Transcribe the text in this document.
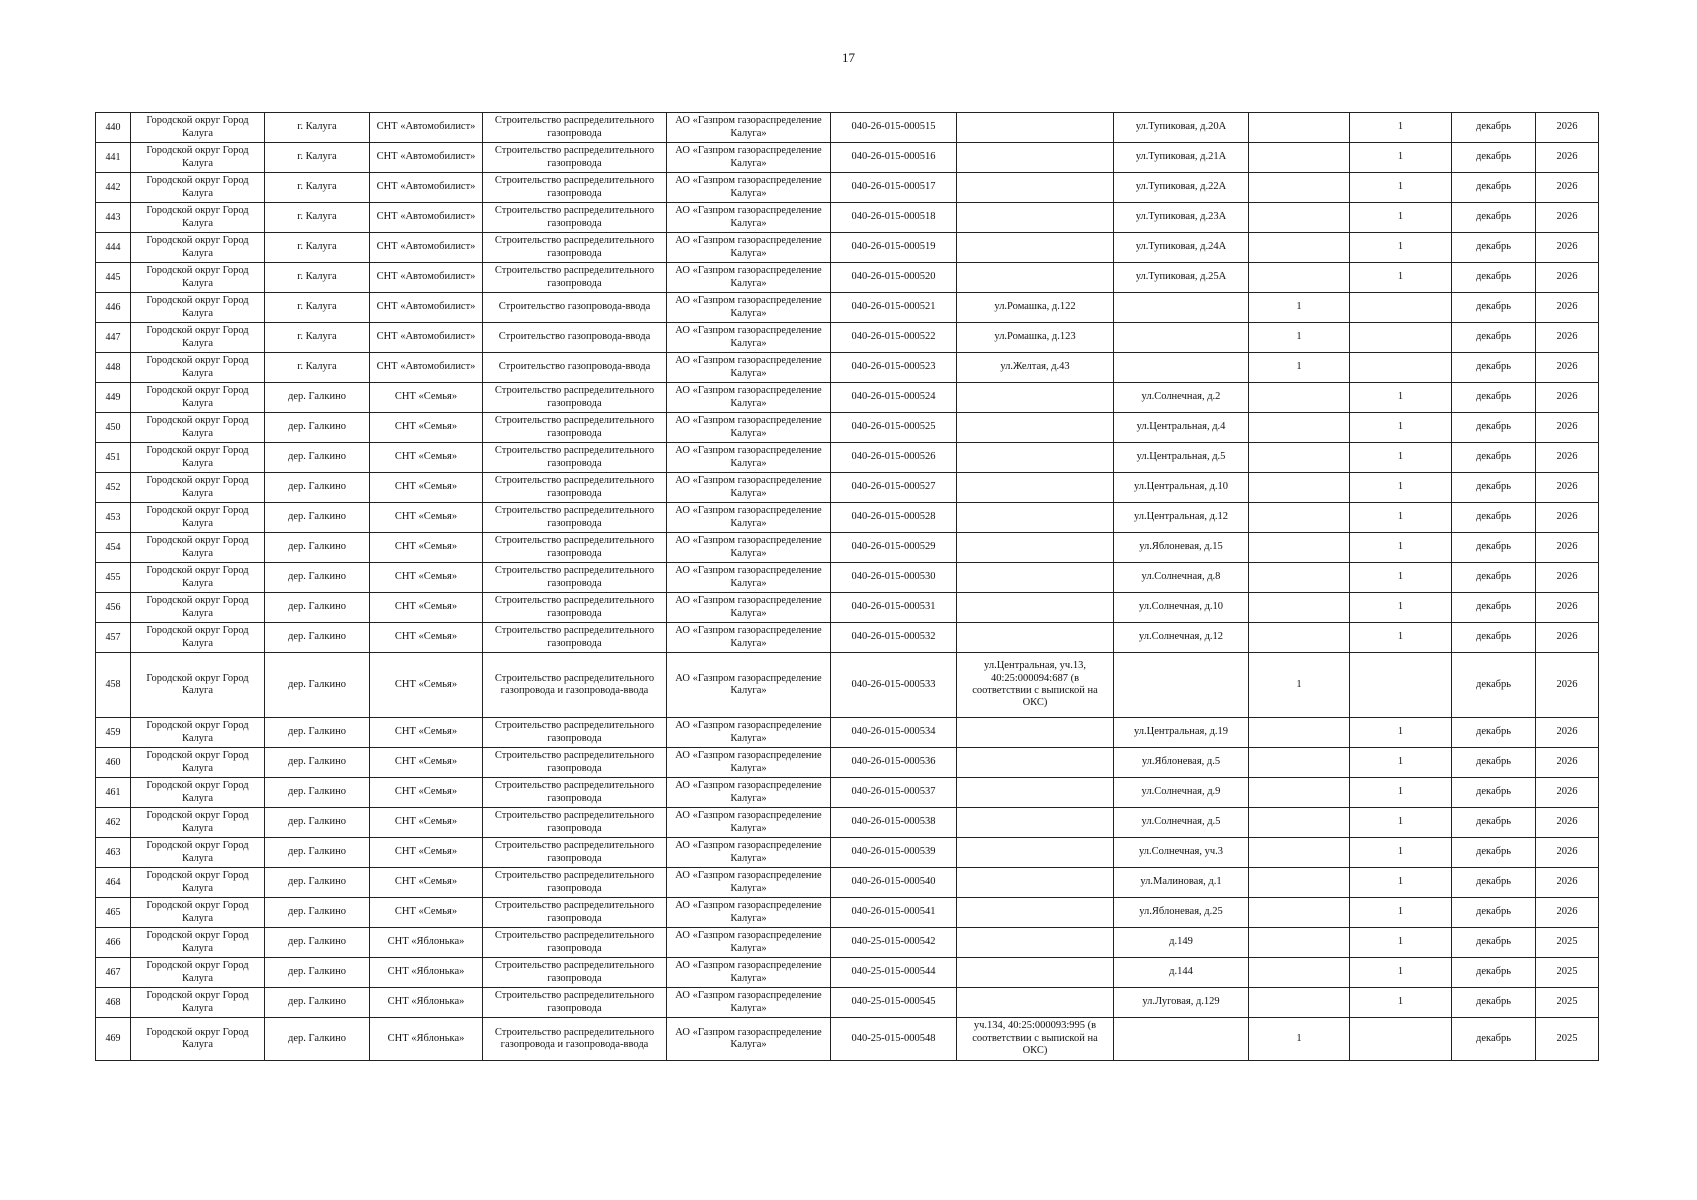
17
440	Городской округ Город Калуга	г. Калуга	СНТ «Автомобилист»	Строительство распределительного газопровода	АО «Газпром газораспределение Калуга»	040-26-015-000515		ул.Тупиковая, д.20А		1	декабрь	2026
441	Городской округ Город Калуга	г. Калуга	СНТ «Автомобилист»	Строительство распределительного газопровода	АО «Газпром газораспределение Калуга»	040-26-015-000516		ул.Тупиковая, д.21А		1	декабрь	2026
442	Городской округ Город Калуга	г. Калуга	СНТ «Автомобилист»	Строительство распределительного газопровода	АО «Газпром газораспределение Калуга»	040-26-015-000517		ул.Тупиковая, д.22А		1	декабрь	2026
443	Городской округ Город Калуга	г. Калуга	СНТ «Автомобилист»	Строительство распределительного газопровода	АО «Газпром газораспределение Калуга»	040-26-015-000518		ул.Тупиковая, д.23А		1	декабрь	2026
444	Городской округ Город Калуга	г. Калуга	СНТ «Автомобилист»	Строительство распределительного газопровода	АО «Газпром газораспределение Калуга»	040-26-015-000519		ул.Тупиковая, д.24А		1	декабрь	2026
445	Городской округ Город Калуга	г. Калуга	СНТ «Автомобилист»	Строительство распределительного газопровода	АО «Газпром газораспределение Калуга»	040-26-015-000520		ул.Тупиковая, д.25А		1	декабрь	2026
446	Городской округ Город Калуга	г. Калуга	СНТ «Автомобилист»	Строительство газопровода-ввода	АО «Газпром газораспределение Калуга»	040-26-015-000521	ул.Ромашка, д.122		1		декабрь	2026
447	Городской округ Город Калуга	г. Калуга	СНТ «Автомобилист»	Строительство газопровода-ввода	АО «Газпром газораспределение Калуга»	040-26-015-000522	ул.Ромашка, д.123		1		декабрь	2026
448	Городской округ Город Калуга	г. Калуга	СНТ «Автомобилист»	Строительство газопровода-ввода	АО «Газпром газораспределение Калуга»	040-26-015-000523	ул.Желтая, д.43		1		декабрь	2026
449	Городской округ Город Калуга	дер. Галкино	СНТ «Семья»	Строительство распределительного газопровода	АО «Газпром газораспределение Калуга»	040-26-015-000524		ул.Солнечная, д.2		1	декабрь	2026
450	Городской округ Город Калуга	дер. Галкино	СНТ «Семья»	Строительство распределительного газопровода	АО «Газпром газораспределение Калуга»	040-26-015-000525		ул.Центральная, д.4		1	декабрь	2026
451	Городской округ Город Калуга	дер. Галкино	СНТ «Семья»	Строительство распределительного газопровода	АО «Газпром газораспределение Калуга»	040-26-015-000526		ул.Центральная, д.5		1	декабрь	2026
452	Городской округ Город Калуга	дер. Галкино	СНТ «Семья»	Строительство распределительного газопровода	АО «Газпром газораспределение Калуга»	040-26-015-000527		ул.Центральная, д.10		1	декабрь	2026
453	Городской округ Город Калуга	дер. Галкино	СНТ «Семья»	Строительство распределительного газопровода	АО «Газпром газораспределение Калуга»	040-26-015-000528		ул.Центральная, д.12		1	декабрь	2026
454	Городской округ Город Калуга	дер. Галкино	СНТ «Семья»	Строительство распределительного газопровода	АО «Газпром газораспределение Калуга»	040-26-015-000529		ул.Яблоневая, д.15		1	декабрь	2026
455	Городской округ Город Калуга	дер. Галкино	СНТ «Семья»	Строительство распределительного газопровода	АО «Газпром газораспределение Калуга»	040-26-015-000530		ул.Солнечная, д.8		1	декабрь	2026
456	Городской округ Город Калуга	дер. Галкино	СНТ «Семья»	Строительство распределительного газопровода	АО «Газпром газораспределение Калуга»	040-26-015-000531		ул.Солнечная, д.10		1	декабрь	2026
457	Городской округ Город Калуга	дер. Галкино	СНТ «Семья»	Строительство распределительного газопровода	АО «Газпром газораспределение Калуга»	040-26-015-000532		ул.Солнечная, д.12		1	декабрь	2026
458	Городской округ Город Калуга	дер. Галкино	СНТ «Семья»	Строительство распределительного газопровода и газопровода-ввода	АО «Газпром газораспределение Калуга»	040-26-015-000533	ул.Центральная, уч.13, 40:25:000094:687 (в соответствии с выпиской на ОКС)		1		декабрь	2026
459	Городской округ Город Калуга	дер. Галкино	СНТ «Семья»	Строительство распределительного газопровода	АО «Газпром газораспределение Калуга»	040-26-015-000534		ул.Центральная, д.19		1	декабрь	2026
460	Городской округ Город Калуга	дер. Галкино	СНТ «Семья»	Строительство распределительного газопровода	АО «Газпром газораспределение Калуга»	040-26-015-000536		ул.Яблоневая, д.5		1	декабрь	2026
461	Городской округ Город Калуга	дер. Галкино	СНТ «Семья»	Строительство распределительного газопровода	АО «Газпром газораспределение Калуга»	040-26-015-000537		ул.Солнечная, д.9		1	декабрь	2026
462	Городской округ Город Калуга	дер. Галкино	СНТ «Семья»	Строительство распределительного газопровода	АО «Газпром газораспределение Калуга»	040-26-015-000538		ул.Солнечная, д.5		1	декабрь	2026
463	Городской округ Город Калуга	дер. Галкино	СНТ «Семья»	Строительство распределительного газопровода	АО «Газпром газораспределение Калуга»	040-26-015-000539		ул.Солнечная, уч.3		1	декабрь	2026
464	Городской округ Город Калуга	дер. Галкино	СНТ «Семья»	Строительство распределительного газопровода	АО «Газпром газораспределение Калуга»	040-26-015-000540		ул.Малиновая, д.1		1	декабрь	2026
465	Городской округ Город Калуга	дер. Галкино	СНТ «Семья»	Строительство распределительного газопровода	АО «Газпром газораспределение Калуга»	040-26-015-000541		ул.Яблоневая, д.25		1	декабрь	2026
466	Городской округ Город Калуга	дер. Галкино	СНТ «Яблонька»	Строительство распределительного газопровода	АО «Газпром газораспределение Калуга»	040-25-015-000542		д.149		1	декабрь	2025
467	Городской округ Город Калуга	дер. Галкино	СНТ «Яблонька»	Строительство распределительного газопровода	АО «Газпром газораспределение Калуга»	040-25-015-000544		д.144		1	декабрь	2025
468	Городской округ Город Калуга	дер. Галкино	СНТ «Яблонька»	Строительство распределительного газопровода	АО «Газпром газораспределение Калуга»	040-25-015-000545		ул.Луговая, д.129		1	декабрь	2025
469	Городской округ Город Калуга	дер. Галкино	СНТ «Яблонька»	Строительство распределительного газопровода и газопровода-ввода	АО «Газпром газораспределение Калуга»	040-25-015-000548	уч.134, 40:25:000093:995 (в соответствии с выпиской на ОКС)		1		декабрь	2025
